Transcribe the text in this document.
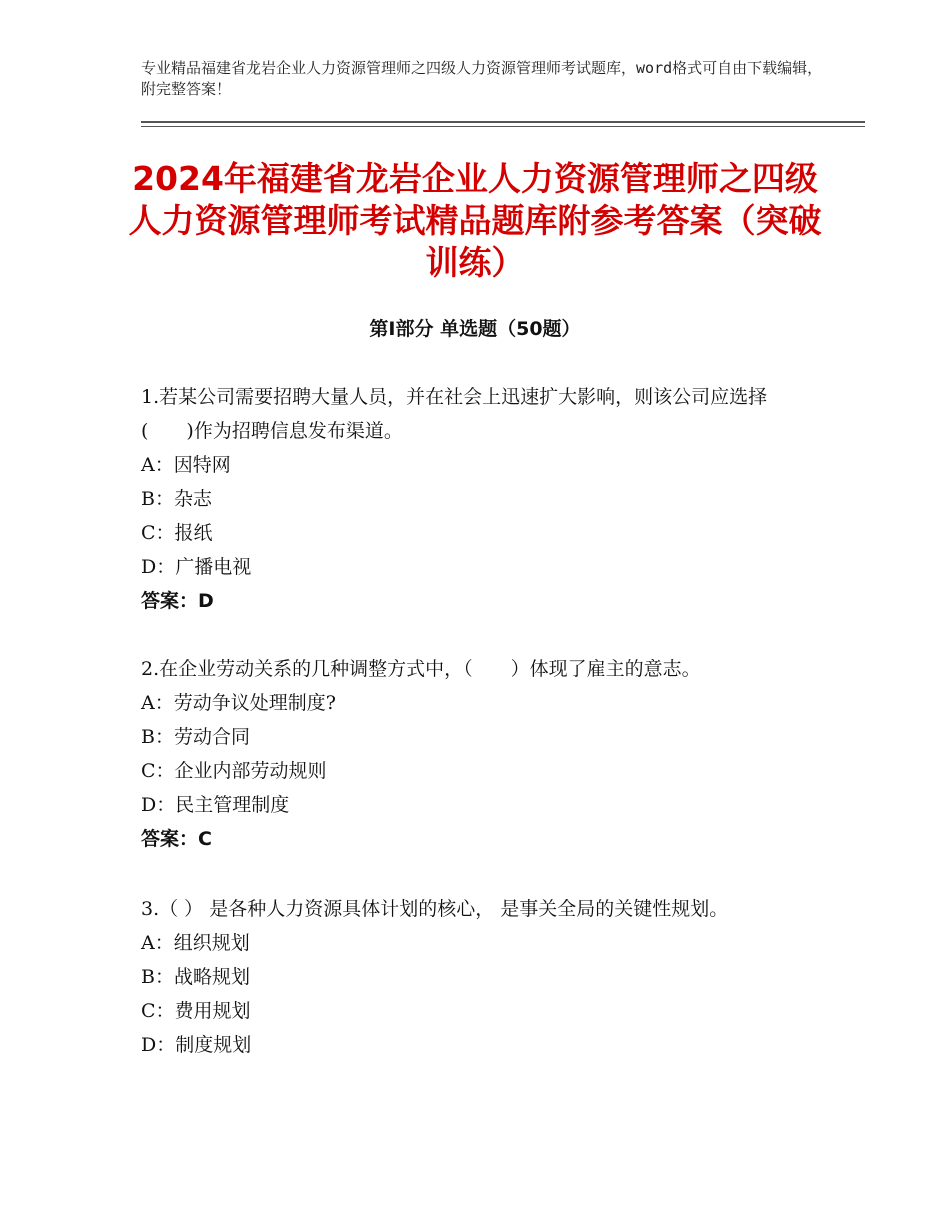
专业精品福建省龙岩企业人力资源管理师之四级人力资源管理师考试题库，word格式可自由下载编辑，附完整答案！
2024年福建省龙岩企业人力资源管理师之四级人力资源管理师考试精品题库附参考答案（突破训练）
第Ⅰ部分 单选题（50题）

1.若某公司需要招聘大量人员，并在社会上迅速扩大影响，则该公司应选择(　　)作为招聘信息发布渠道。

A：因特网

B：杂志

C：报纸

D：广播电视

答案：D

2.在企业劳动关系的几种调整方式中，（　　）体现了雇主的意志。

A：劳动争议处理制度?

B：劳动合同

C：企业内部劳动规则

D：民主管理制度

答案：C

3.（ ） 是各种人力资源具体计划的核心， 是事关全局的关键性规划。

A：组织规划

B：战略规划

C：费用规划

D：制度规划
